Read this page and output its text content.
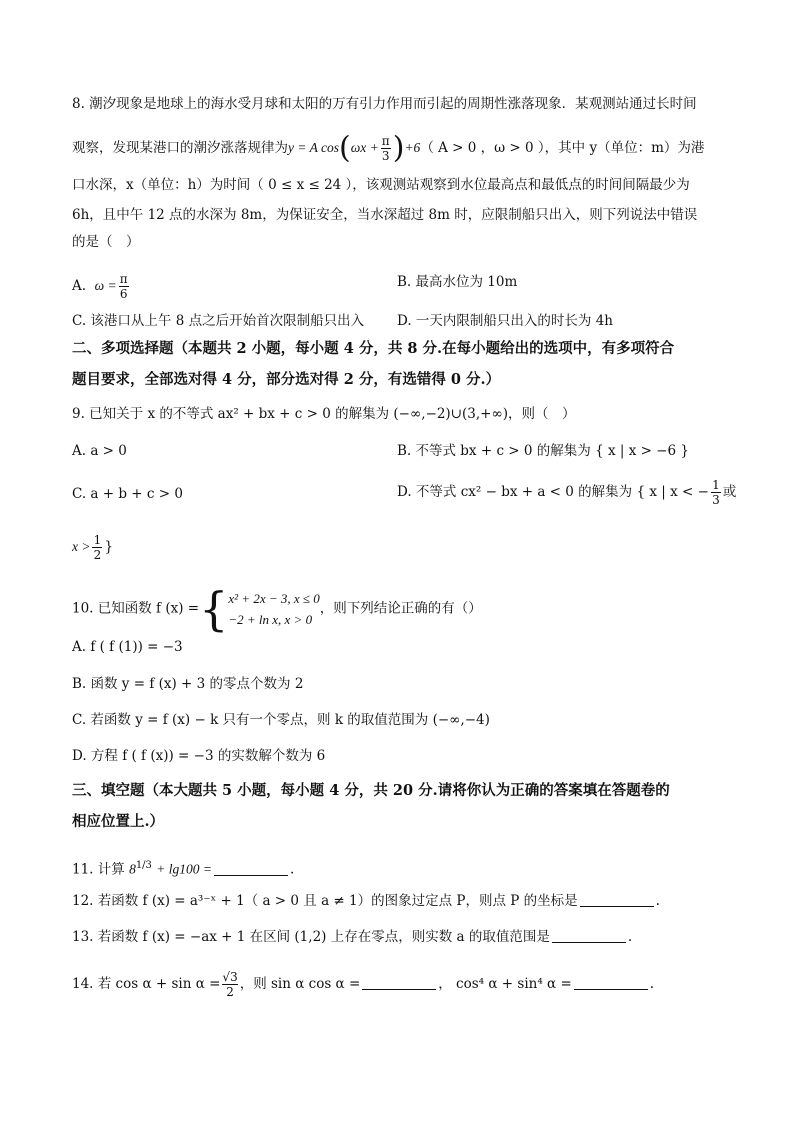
8. 潮汐现象是地球上的海水受月球和太阳的万有引力作用而引起的周期性涨落现象．某观测站通过长时间
观察，发现某港口的潮汐涨落规律为y = A $\cos(\omega x + \frac{\pi}{3} )+6$（ A > 0 ，ω > 0 ），其中 y（单位：m）为港
口水深，x（单位：h）为时间（ 0 ≤ x ≤ 24 ），该观测站观察到水位最高点和最低点的时间间隔最少为
6h，且中午 12 点的水深为 8m，为保证安全，当水深超过 8m 时，应限制船只出入，则下列说法中错误
的是（　）
A. $\omega = \frac{\pi}{6}$	B. 最高水位为 10m
C. 该港口从上午 8 点之后开始首次限制船只出入 D. 一天内限制船只出入的时长为 4h
二、多项选择题（本题共 2 小题，每小题 4 分，共 8 分.在每小题给出的选项中，有多项符合
题目要求，全部选对得 4 分，部分选对得 2 分，有选错得 0 分.）
9. 已知关于 x 的不等式 ax² + bx + c > 0 的解集为 (−∞,−2)∪(3,+∞)，则（　）
A. a > 0	B. 不等式 bx + c > 0 的解集为 { x | x > −6 }
C. a + b + c > 0	D. 不等式 cx² − bx + a < 0 的解集为 { x | x < − $\frac{1}{3}$ 或
$x > \frac{1}{2}$ }
10. 已知函数 f (x) ={ x² + 2x − 3, x ≤ 0
−2 + ln x, x > 0
，则下列结论正确的有（）
A. f ( f (1)) = −3
B. 函数 y = f (x) + 3 的零点个数为 2
C. 若函数 y = f (x) − k 只有一个零点，则 k 的取值范围为 (−∞,−4)
D. 方程 f ( f (x)) = −3 的实数解个数为 6
三、填空题（本大题共 5 小题，每小题 4 分，共 20 分.请将你认为正确的答案填在答题卷的
相应位置上.）
11. 计算 $8^{1/3} + \lg 100$ =	.
12. 若函数 f (x) = a³⁻ˣ + 1（ a > 0 且 a ≠ 1）的图象过定点 P，则点 P 的坐标是	.
13. 若函数 f (x) = −ax + 1 在区间 (1,2) 上存在零点，则实数 a 的取值范围是	.
14. 若 $\cos \alpha + \sin \alpha = \frac{√3}{2}$ ，则 sin α cos α =	， cos⁴ α + sin⁴ α =	.
